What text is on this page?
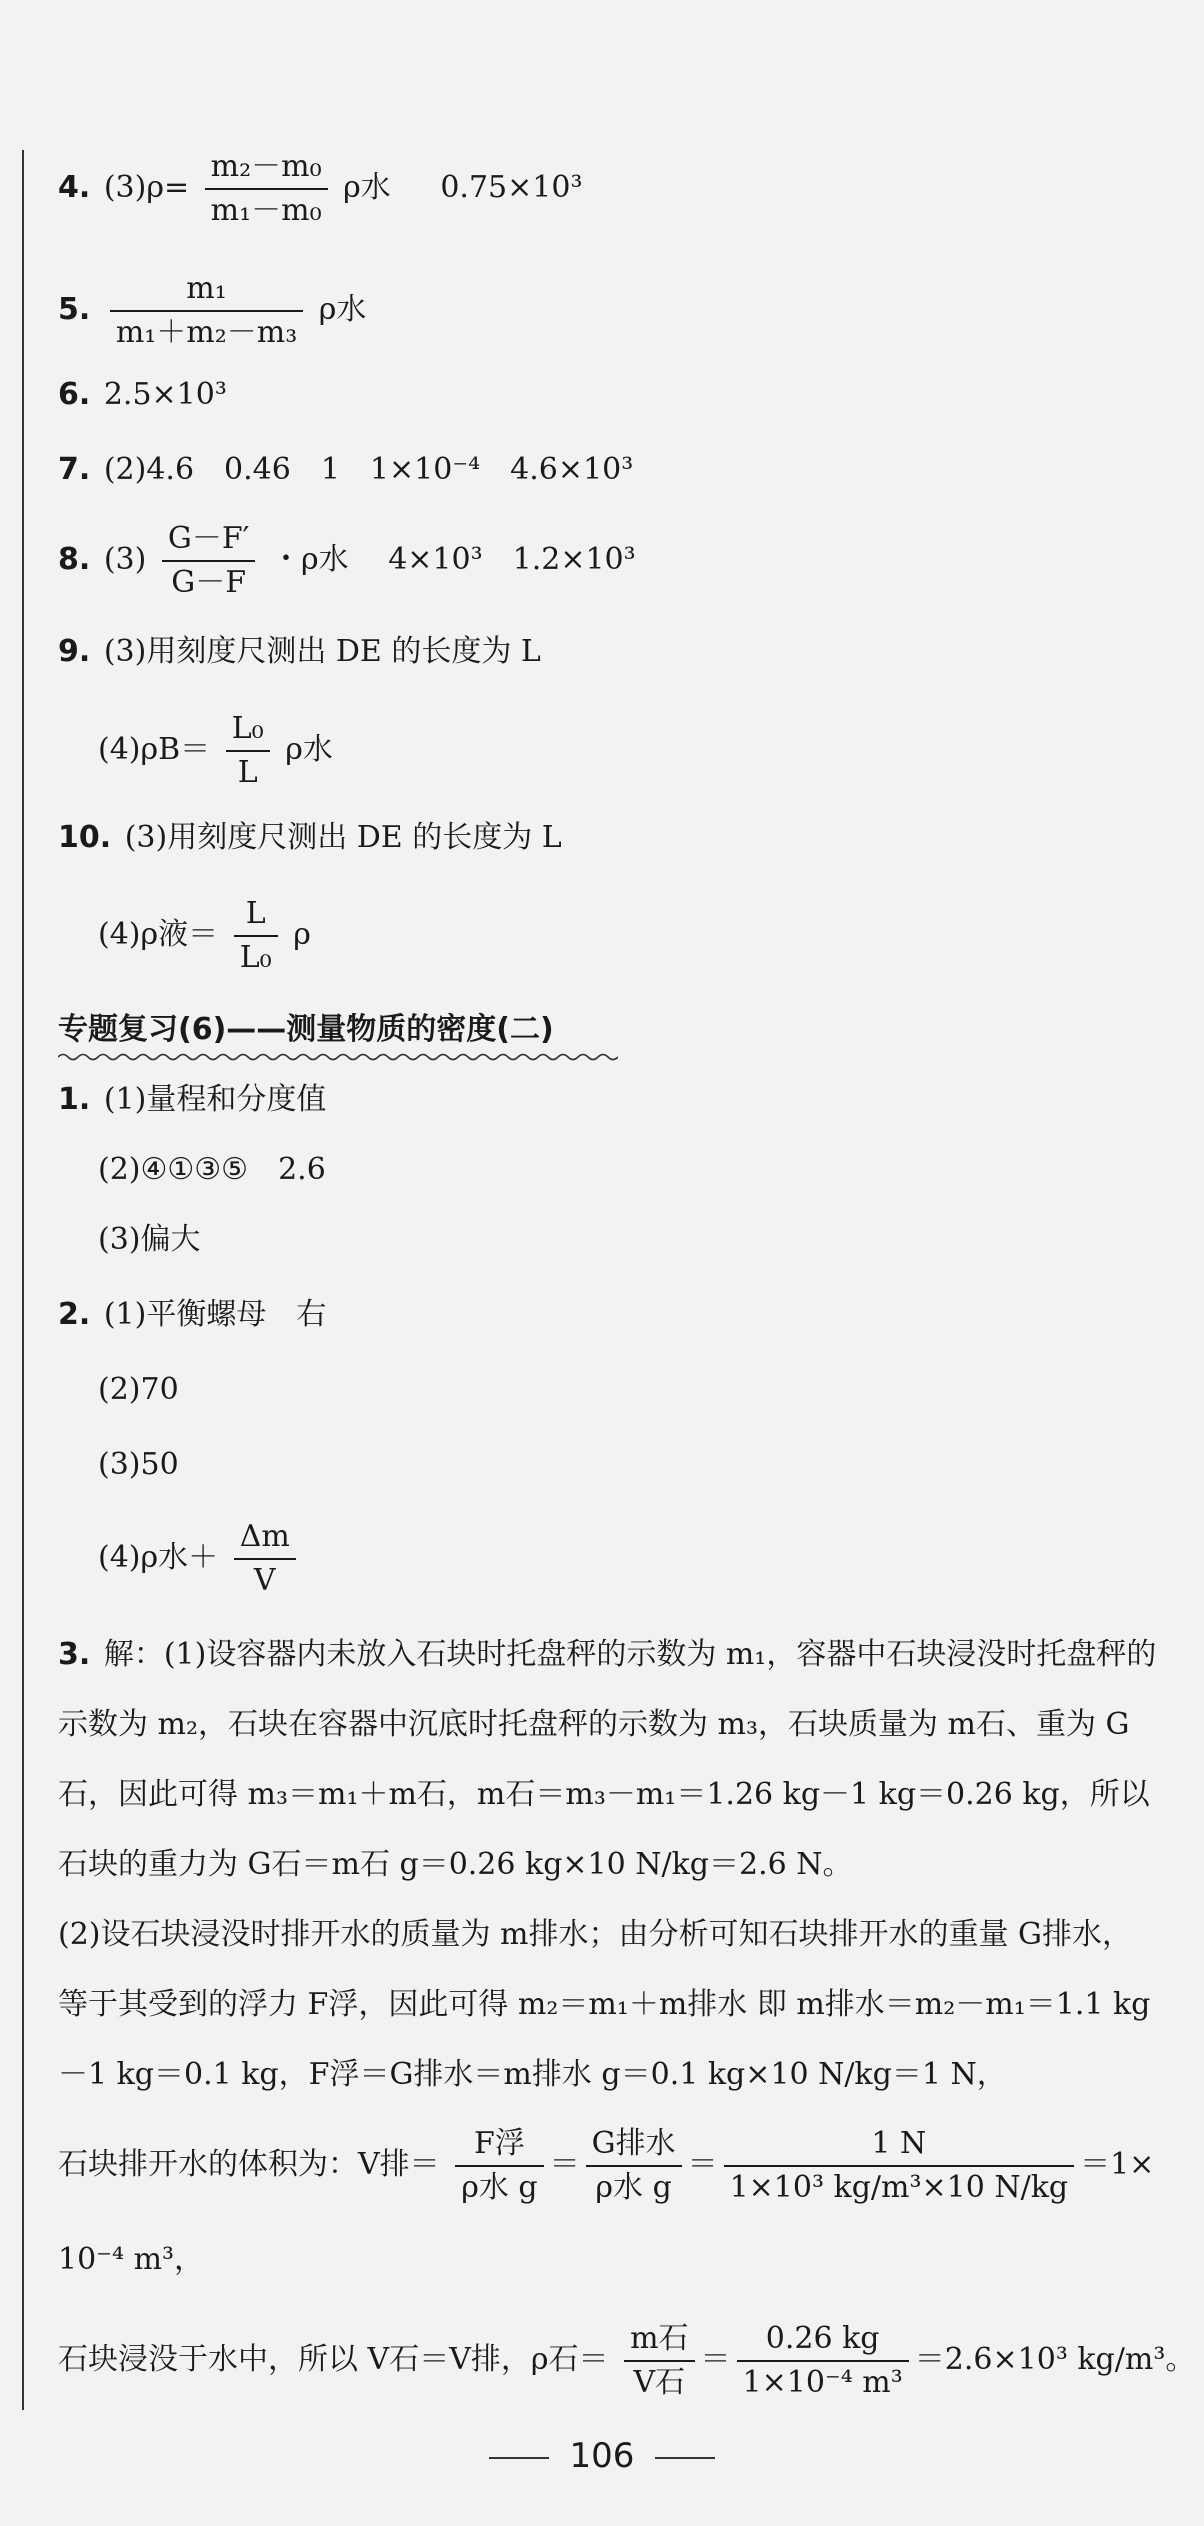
4. $(3)\rho= \frac{\text{m₂－m₀}}{\text{m₁－m₀}}$ ρ水 0.75×10³
5. $\frac{\text{m₁}}{\text{m₁＋m₂－m₃}}$ ρ水
6. 2.5×10³
7. (2)4.6　0.46　1　1×10⁻⁴　4.6×10³
8. $(3) \frac{G-F'}{G-F}$ ・ρ水 4×10³　1.2×10³
9. (3)用刻度尺测出 DE 的长度为 L
$(4)\rho B= \frac{\text{L₀}}{L}$ ρ水
10. (3)用刻度尺测出 DE 的长度为 L
(4)ρ液＝ $\frac{L}{\text{L₀}}$ ρ
专题复习(6)——测量物质的密度(二)
1. (1)量程和分度值
(2)④①③⑤　2.6
(3)偏大
2. (1)平衡螺母　右
(2)70
(3)50
(4)ρ水＋ $\frac{\Delta m}{V}$
3. 解：(1)设容器内未放入石块时托盘秤的示数为 m₁，容器中石块浸没时托盘秤的示数为 m₂，石块在容器中沉底时托盘秤的示数为 m₃，石块质量为 m石、重为 G石，因此可得 m₃＝m₁＋m石，m石＝m₃－m₁＝1.26 kg－1 kg＝0.26 kg，所以石块的重力为 G石＝m石 g＝0.26 kg×10 N/kg＝2.6 N。
(2)设石块浸没时排开水的质量为 m排水；由分析可知石块排开水的重量 G排水，等于其受到的浮力 F浮，因此可得 m₂＝m₁＋m排水 即 m排水＝m₂－m₁＝1.1 kg－1 kg＝0.1 kg，F浮＝G排水＝m排水 g＝0.1 kg×10 N/kg＝1 N，
石块排开水的体积为：V排＝ $\frac{\text{F浮}}{\text{ρ水 g}} = \frac{\text{G排水}}{\text{ρ水 g}} = \frac{1 N}{\text{1×10³ kg/m³×10 N/kg}} =1\times$
10⁻⁴ m³，
石块浸没于水中，所以 V石＝V排，ρ石＝ $\frac{\text{m石}}{\text{V石}} = \frac{0.26 kg}{\text{1×10⁻⁴ m³}} =2.6\times 10^3$ kg/m³。
106
